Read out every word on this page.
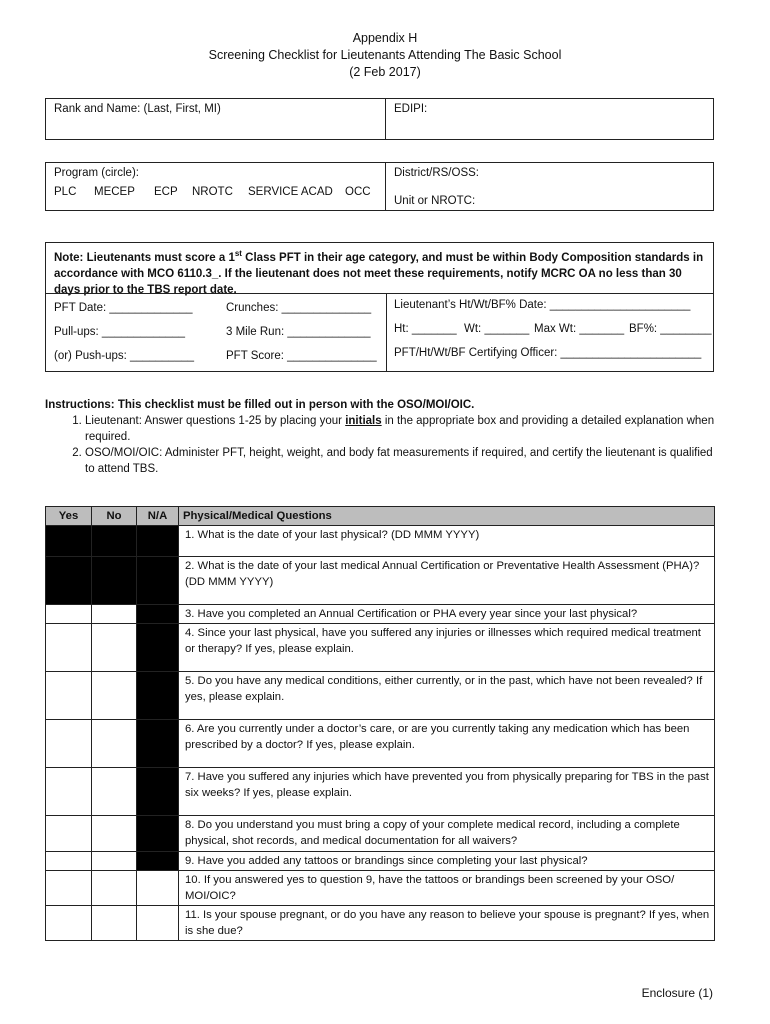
Appendix H
Screening Checklist for Lieutenants Attending The Basic School
(2 Feb 2017)
Rank and Name: (Last, First, MI)	EDIPI:
Program (circle):
PLC MECEP ECP NROTC SERVICE ACAD OCC
District/RS/OSS:
Unit or NROTC:
Note: Lieutenants must score a 1st Class PFT in their age category, and must be within Body Composition standards in accordance with MCO 6110.3_. If the lieutenant does not meet these requirements, notify MCRC OA no less than 30 days prior to the TBS report date.
PFT Date: _____________	Crunches: ______________ Lieutenant’s Ht/Wt/BF% Date: ______________________
Pull-ups: _____________	3 Mile Run: _____________ Ht: _______ Wt: _______ Max Wt: _______ BF%: ________
(or) Push-ups: __________	PFT Score: ______________ PFT/Ht/Wt/BF Certifying Officer: ______________________
Instructions: This checklist must be filled out in person with the OSO/MOI/OIC.
1. Lieutenant: Answer questions 1-25 by placing your initials in the appropriate box and providing a detailed explanation when required.
2. OSO/MOI/OIC: Administer PFT, height, weight, and body fat measurements if required, and certify the lieutenant is qualified to attend TBS.
Yes	No	N/A	Physical/Medical Questions
			1. What is the date of your last physical? (DD MMM YYYY)
			2. What is the date of your last medical Annual Certification or Preventative Health Assessment (PHA)? (DD MMM YYYY)
			3. Have you completed an Annual Certification or PHA every year since your last physical?
			4. Since your last physical, have you suffered any injuries or illnesses which required medical treatment or therapy? If yes, please explain.
			5. Do you have any medical conditions, either currently, or in the past, which have not been revealed? If yes, please explain.
			6. Are you currently under a doctor’s care, or are you currently taking any medication which has been prescribed by a doctor? If yes, please explain.
			7. Have you suffered any injuries which have prevented you from physically preparing for TBS in the past six weeks? If yes, please explain.
			8. Do you understand you must bring a copy of your complete medical record, including a complete physical, shot records, and medical documentation for all waivers?
			9. Have you added any tattoos or brandings since completing your last physical?
			10. If you answered yes to question 9, have the tattoos or brandings been screened by your OSO/ MOI/OIC?
			11. Is your spouse pregnant, or do you have any reason to believe your spouse is pregnant? If yes, when is she due?
Enclosure (1)
